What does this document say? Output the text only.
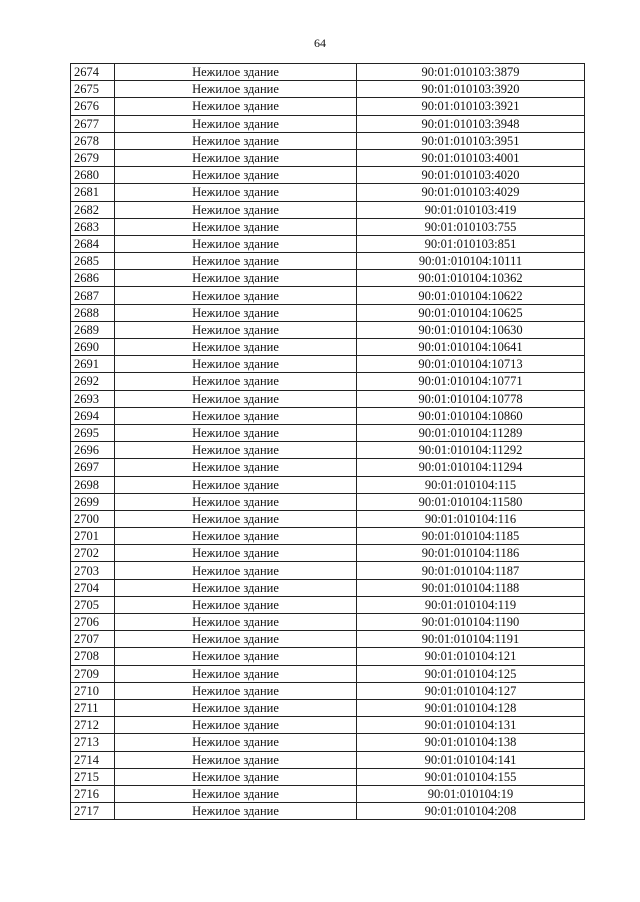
64
2674	Нежилое здание	90:01:010103:3879
2675	Нежилое здание	90:01:010103:3920
2676	Нежилое здание	90:01:010103:3921
2677	Нежилое здание	90:01:010103:3948
2678	Нежилое здание	90:01:010103:3951
2679	Нежилое здание	90:01:010103:4001
2680	Нежилое здание	90:01:010103:4020
2681	Нежилое здание	90:01:010103:4029
2682	Нежилое здание	90:01:010103:419
2683	Нежилое здание	90:01:010103:755
2684	Нежилое здание	90:01:010103:851
2685	Нежилое здание	90:01:010104:10111
2686	Нежилое здание	90:01:010104:10362
2687	Нежилое здание	90:01:010104:10622
2688	Нежилое здание	90:01:010104:10625
2689	Нежилое здание	90:01:010104:10630
2690	Нежилое здание	90:01:010104:10641
2691	Нежилое здание	90:01:010104:10713
2692	Нежилое здание	90:01:010104:10771
2693	Нежилое здание	90:01:010104:10778
2694	Нежилое здание	90:01:010104:10860
2695	Нежилое здание	90:01:010104:11289
2696	Нежилое здание	90:01:010104:11292
2697	Нежилое здание	90:01:010104:11294
2698	Нежилое здание	90:01:010104:115
2699	Нежилое здание	90:01:010104:11580
2700	Нежилое здание	90:01:010104:116
2701	Нежилое здание	90:01:010104:1185
2702	Нежилое здание	90:01:010104:1186
2703	Нежилое здание	90:01:010104:1187
2704	Нежилое здание	90:01:010104:1188
2705	Нежилое здание	90:01:010104:119
2706	Нежилое здание	90:01:010104:1190
2707	Нежилое здание	90:01:010104:1191
2708	Нежилое здание	90:01:010104:121
2709	Нежилое здание	90:01:010104:125
2710	Нежилое здание	90:01:010104:127
2711	Нежилое здание	90:01:010104:128
2712	Нежилое здание	90:01:010104:131
2713	Нежилое здание	90:01:010104:138
2714	Нежилое здание	90:01:010104:141
2715	Нежилое здание	90:01:010104:155
2716	Нежилое здание	90:01:010104:19
2717	Нежилое здание	90:01:010104:208
